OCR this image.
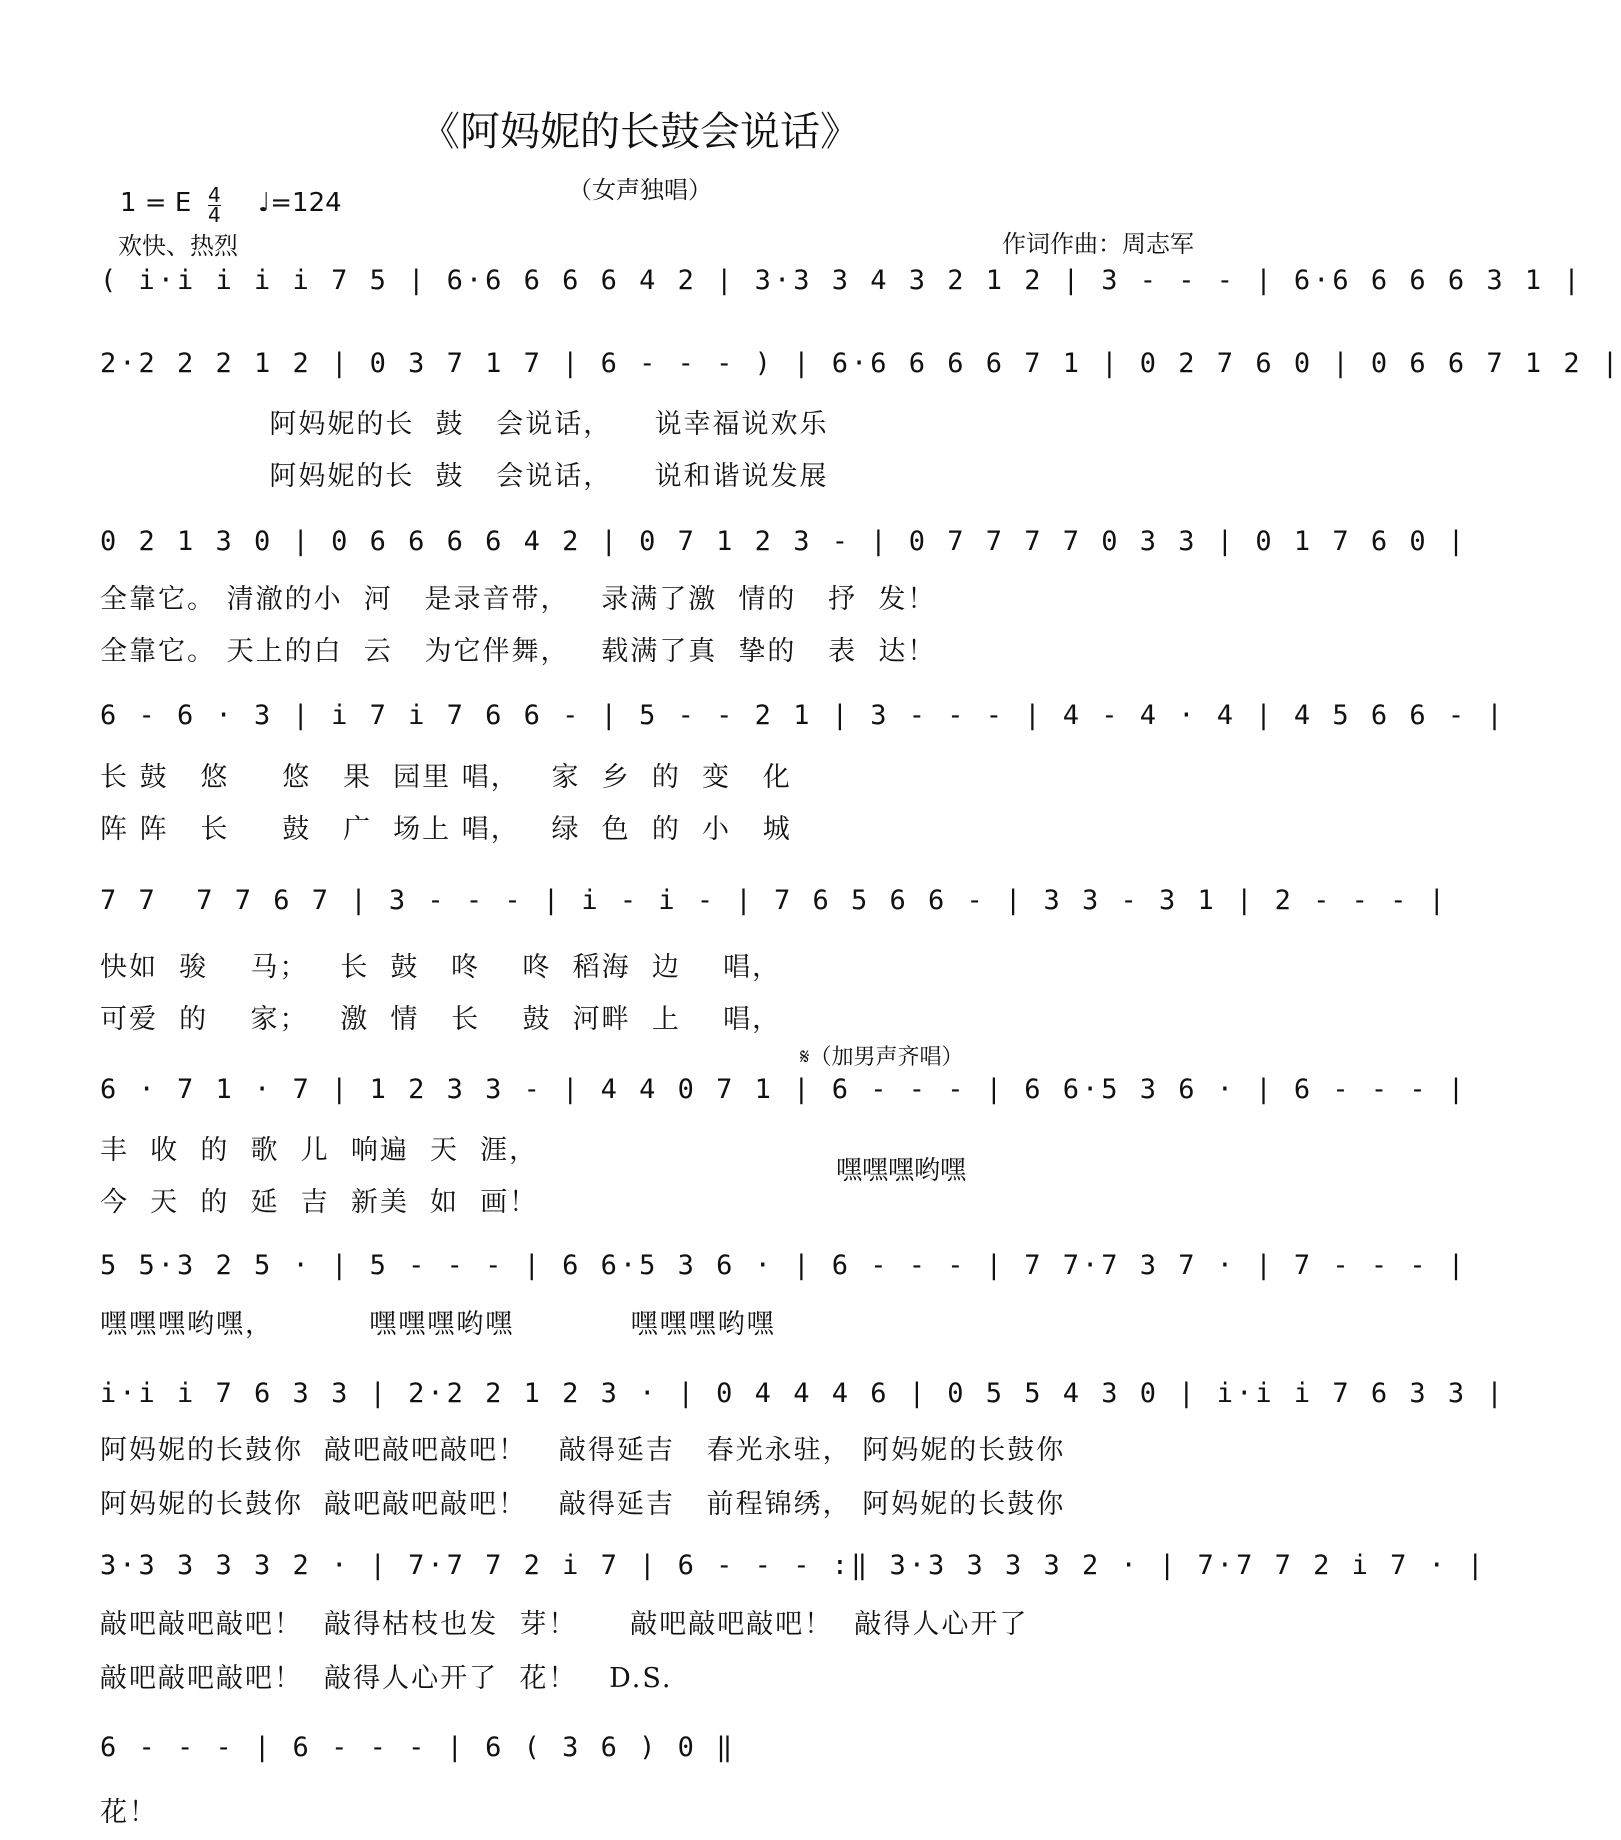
《阿妈妮的长鼓会说话》
（女声独唱）
1 = E $\frac{4}{4}$ ♩=124
欢快、热烈	作词作曲：周志军
( i·i i i i 7 5 | 6·6 6 6 6 4 2 | 3·3 3 4 3 2 1 2 | 3 - - - | 6·6 6 6 6 3 1 |
2·2 2 2 1 2 | 0 3 7 1 7 | 6 - - - ) | 6·6 6 6 6 7 1 | 0 2 7 6 0 | 0 6 6 7 1 2 |
阿妈妮的长  鼓   会说话，    说幸福说欢乐
阿妈妮的长  鼓   会说话，    说和谐说发展
0 2 1 3 0 | 0 6 6 6 6 4 2 | 0 7 1 2 3 - | 0 7 7 7 7 0 3 3 | 0 1 7 6 0 |
全靠它。 清澈的小  河   是录音带，   录满了激  情的   抒  发！
全靠它。 天上的白  云   为它伴舞，   载满了真  挚的   表  达！
6 - 6 · 3 | i 7 i 7 6 6 - | 5 - - 2 1 | 3 - - - | 4 - 4 · 4 | 4 5 6 6 - |
长 鼓   悠     悠   果  园里 唱，   家  乡  的  变   化
阵 阵   长     鼓   广  场上 唱，   绿  色  的  小   城
7 7  7 7 6 7 | 3 - - - | i - i - | 7 6 5 6 6 - | 3 3 - 3 1 | 2 - - - |
快如  骏    马；   长  鼓   咚    咚  稻海  边    唱，
可爱  的    家；   激  情   长    鼓  河畔  上    唱，
𝄋（加男声齐唱）
6 · 7 1 · 7 | 1 2 3 3 - | 4 4 0 7 1 | 6 - - - | 6 6·5 3 6 · | 6 - - - |
丰  收  的  歌  儿  响遍  天  涯，
今  天  的  延  吉  新美  如  画！
嘿嘿嘿哟嘿
5 5·3 2 5 · | 5 - - - | 6 6·5 3 6 · | 6 - - - | 7 7·7 3 7 · | 7 - - - |
嘿嘿嘿哟嘿，         嘿嘿嘿哟嘿           嘿嘿嘿哟嘿
i·i i 7 6 3 3 | 2·2 2 1 2 3 · | 0 4 4 4 6 | 0 5 5 4 3 0 | i·i i 7 6 3 3 |
阿妈妮的长鼓你  敲吧敲吧敲吧！   敲得延吉   春光永驻， 阿妈妮的长鼓你
阿妈妮的长鼓你  敲吧敲吧敲吧！   敲得延吉   前程锦绣， 阿妈妮的长鼓你
3·3 3 3 3 2 · | 7·7 7 2 i 7 | 6 - - - :‖ 3·3 3 3 3 2 · | 7·7 7 2 i 7 · |
敲吧敲吧敲吧！  敲得枯枝也发  芽！     敲吧敲吧敲吧！  敲得人心开了
敲吧敲吧敲吧！  敲得人心开了  花！   D.S.
6 - - - | 6 - - - | 6 ( 3 6 ) 0 ‖
花！
